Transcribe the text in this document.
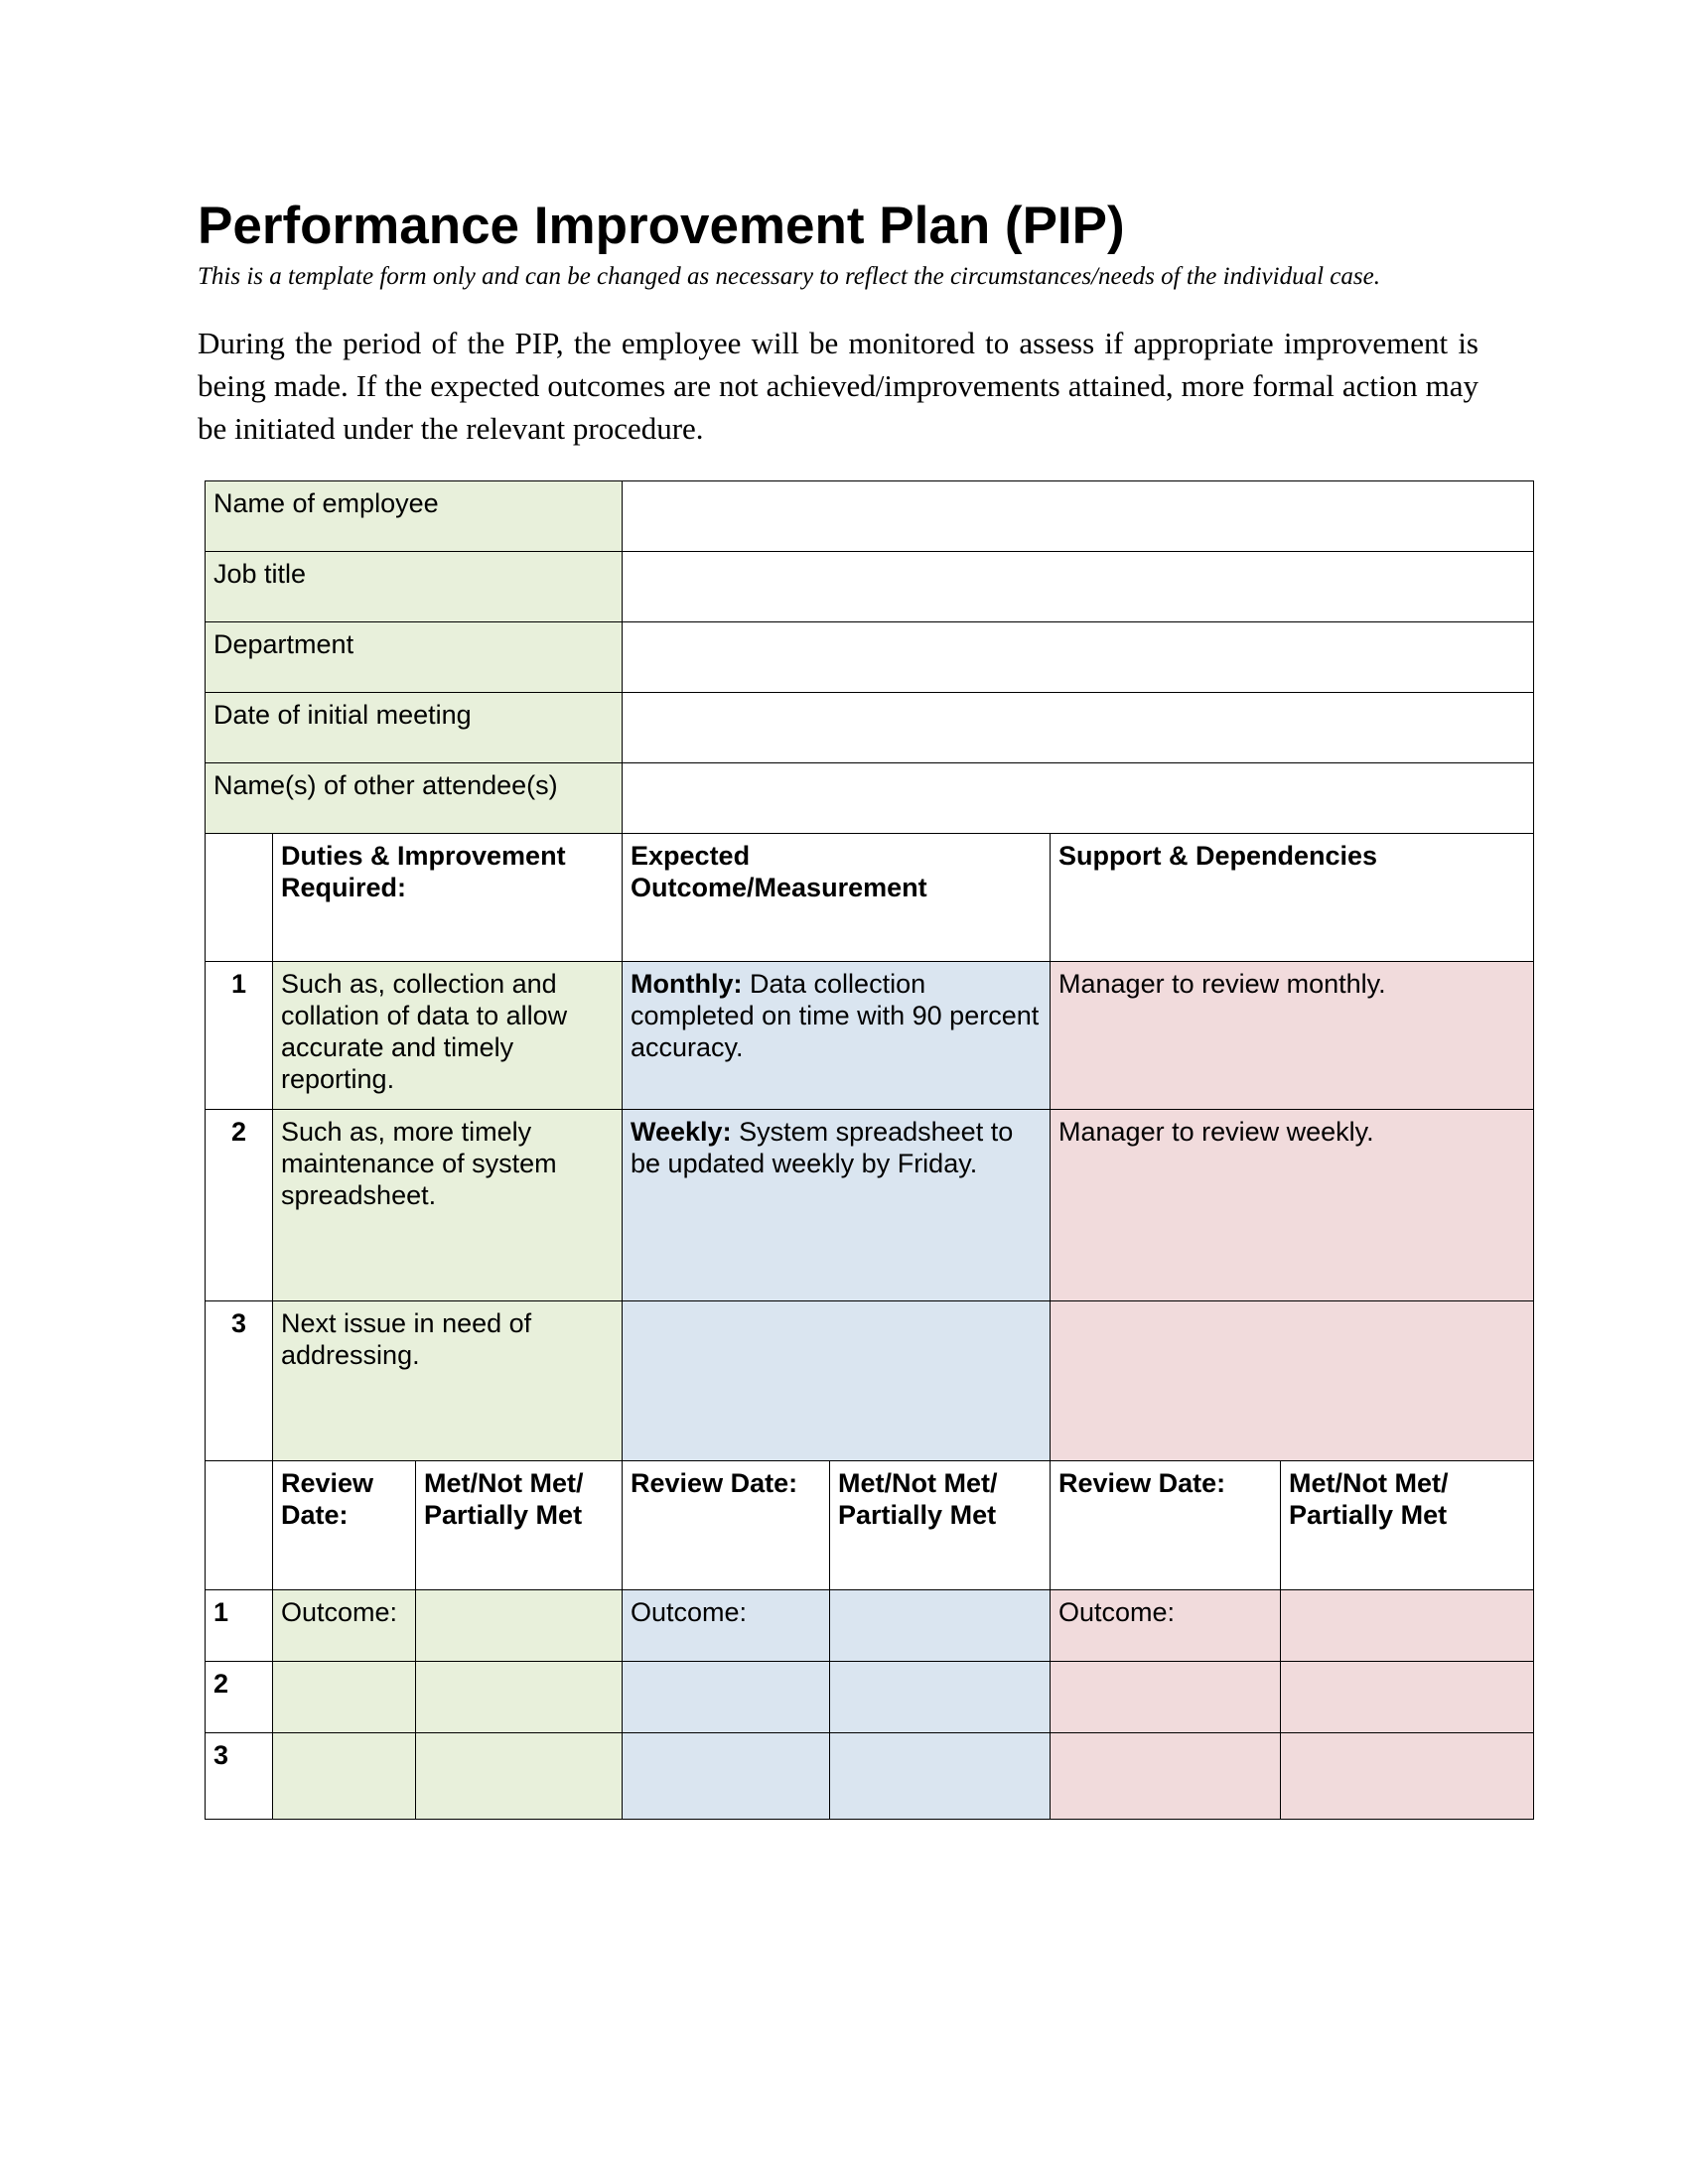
Performance Improvement Plan (PIP)

This is a template form only and can be changed as necessary to reflect the circumstances/needs of the individual case.

During the period of the PIP, the employee will be monitored to assess if appropriate improvement is being made. If the expected outcomes are not achieved/improvements attained, more formal action may be initiated under the relevant procedure.

Name of employee						
Job title						
Department						
Date of initial meeting						
Name(s) of other attendee(s)						
	Duties & Improvement Required:		Expected Outcome/Measurement		Support & Dependencies	
1	Such as, collection and collation of data to allow accurate and timely reporting.		Monthly: Data collection completed on time with 90 percent accuracy.		Manager to review monthly.	
2	Such as, more timely maintenance of system spreadsheet.		Weekly: System spreadsheet to be updated weekly by Friday.		Manager to review weekly.	
3	Next issue in need of addressing.					
	Review Date:	Met/Not Met/ Partially Met	Review Date:	Met/Not Met/ Partially Met	Review Date:	Met/Not Met/ Partially Met
1	Outcome:		Outcome:		Outcome:	
2						
3						
